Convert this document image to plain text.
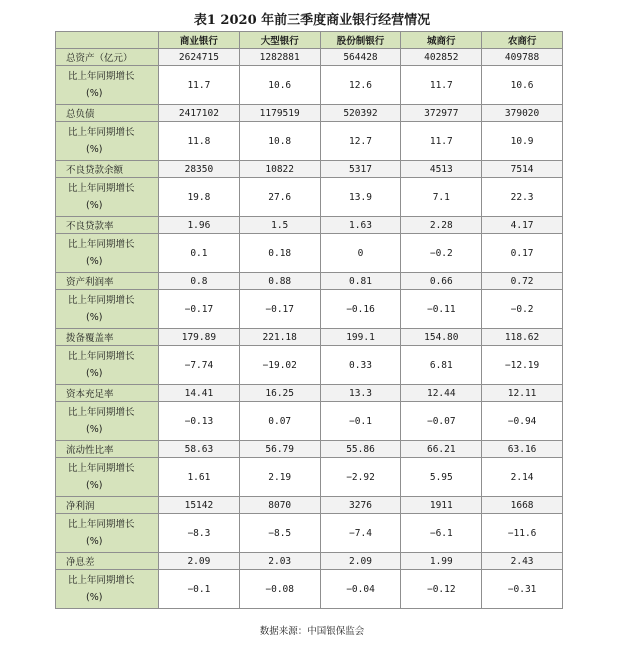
表1 2020 年前三季度商业银行经营情况
	商业银行	大型银行	股份制银行	城商行	农商行
总资产（亿元）	2624715	1282881	564428	402852	409788

比上年同期增长
(%)	11.7	10.6	12.6	11.7	10.6
总负债	2417102	1179519	520392	372977	379020

比上年同期增长
(%)	11.8	10.8	12.7	11.7	10.9
不良贷款余额	28350	10822	5317	4513	7514

比上年同期增长
(%)	19.8	27.6	13.9	7.1	22.3
不良贷款率	1.96	1.5	1.63	2.28	4.17

比上年同期增长
(%)	0.1	0.18	0	−0.2	0.17
资产利润率	0.8	0.88	0.81	0.66	0.72

比上年同期增长
(%)	−0.17	−0.17	−0.16	−0.11	−0.2
拨备覆盖率	179.89	221.18	199.1	154.80	118.62

比上年同期增长
(%)	−7.74	−19.02	0.33	6.81	−12.19
资本充足率	14.41	16.25	13.3	12.44	12.11

比上年同期增长
(%)	−0.13	0.07	−0.1	−0.07	−0.94
流动性比率	58.63	56.79	55.86	66.21	63.16

比上年同期增长
(%)	1.61	2.19	−2.92	5.95	2.14
净利润	15142	8070	3276	1911	1668

比上年同期增长
(%)	−8.3	−8.5	−7.4	−6.1	−11.6
净息差	2.09	2.03	2.09	1.99	2.43

比上年同期增长
(%)	−0.1	−0.08	−0.04	−0.12	−0.31
数据来源：中国银保监会
